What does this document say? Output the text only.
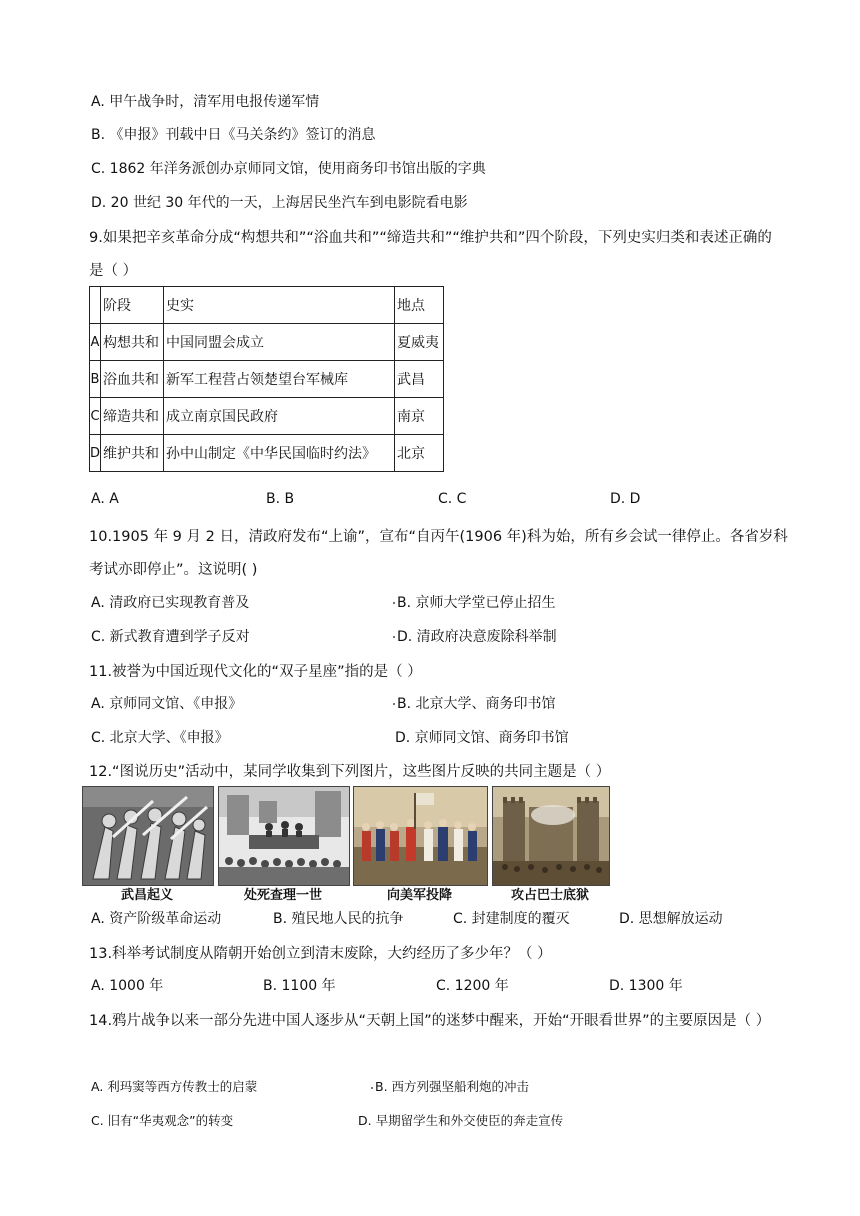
A. 甲午战争时，清军用电报传递军情
B. 《申报》刊载中日《马关条约》签订的消息
C. 1862 年洋务派创办京师同文馆，使用商务印书馆出版的字典
D. 20 世纪 30 年代的一天，上海居民坐汽车到电影院看电影
9.如果把辛亥革命分成“构想共和”“浴血共和”“缔造共和”“维护共和”四个阶段，下列史实归类和表述正确的
是（ ）
	阶段	史实	地点
A	构想共和	中国同盟会成立	夏威夷
B	浴血共和	新军工程营占领楚望台军械库	武昌
C	缔造共和	成立南京国民政府	南京
D	维护共和	孙中山制定《中华民国临时约法》	北京
A. A	B. B	C. C	D. D
10.1905 年 9 月 2 日，清政府发布“上谕”，宣布“自丙午(1906 年)科为始，所有乡会试一律停止。各省岁科
考试亦即停止”。这说明( )
A. 清政府已实现教育普及	B. 京师大学堂已停止招生
C. 新式教育遭到学子反对	D. 清政府决意废除科举制
11.被誉为中国近现代文化的“双子星座”指的是（ ）
A. 京师同文馆、《申报》	B. 北京大学、商务印书馆
C. 北京大学、《申报》	D. 京师同文馆、商务印书馆
12.“图说历史”活动中，某同学收集到下列图片，这些图片反映的共同主题是（ ）
武昌起义	处死查理一世	向美军投降	攻占巴士底狱
A. 资产阶级革命运动	B. 殖民地人民的抗争	C. 封建制度的覆灭	D. 思想解放运动
13.科举考试制度从隋朝开始创立到清末废除，大约经历了多少年？（ ）
A. 1000 年	B. 1100 年	C. 1200 年	D. 1300 年
14.鸦片战争以来一部分先进中国人逐步从“天朝上国”的迷梦中醒来，开始“开眼看世界”的主要原因是（ ）
A. 利玛窦等西方传教士的启蒙	B. 西方列强坚船利炮的冲击
C. 旧有“华夷观念”的转变	D. 早期留学生和外交使臣的奔走宣传
